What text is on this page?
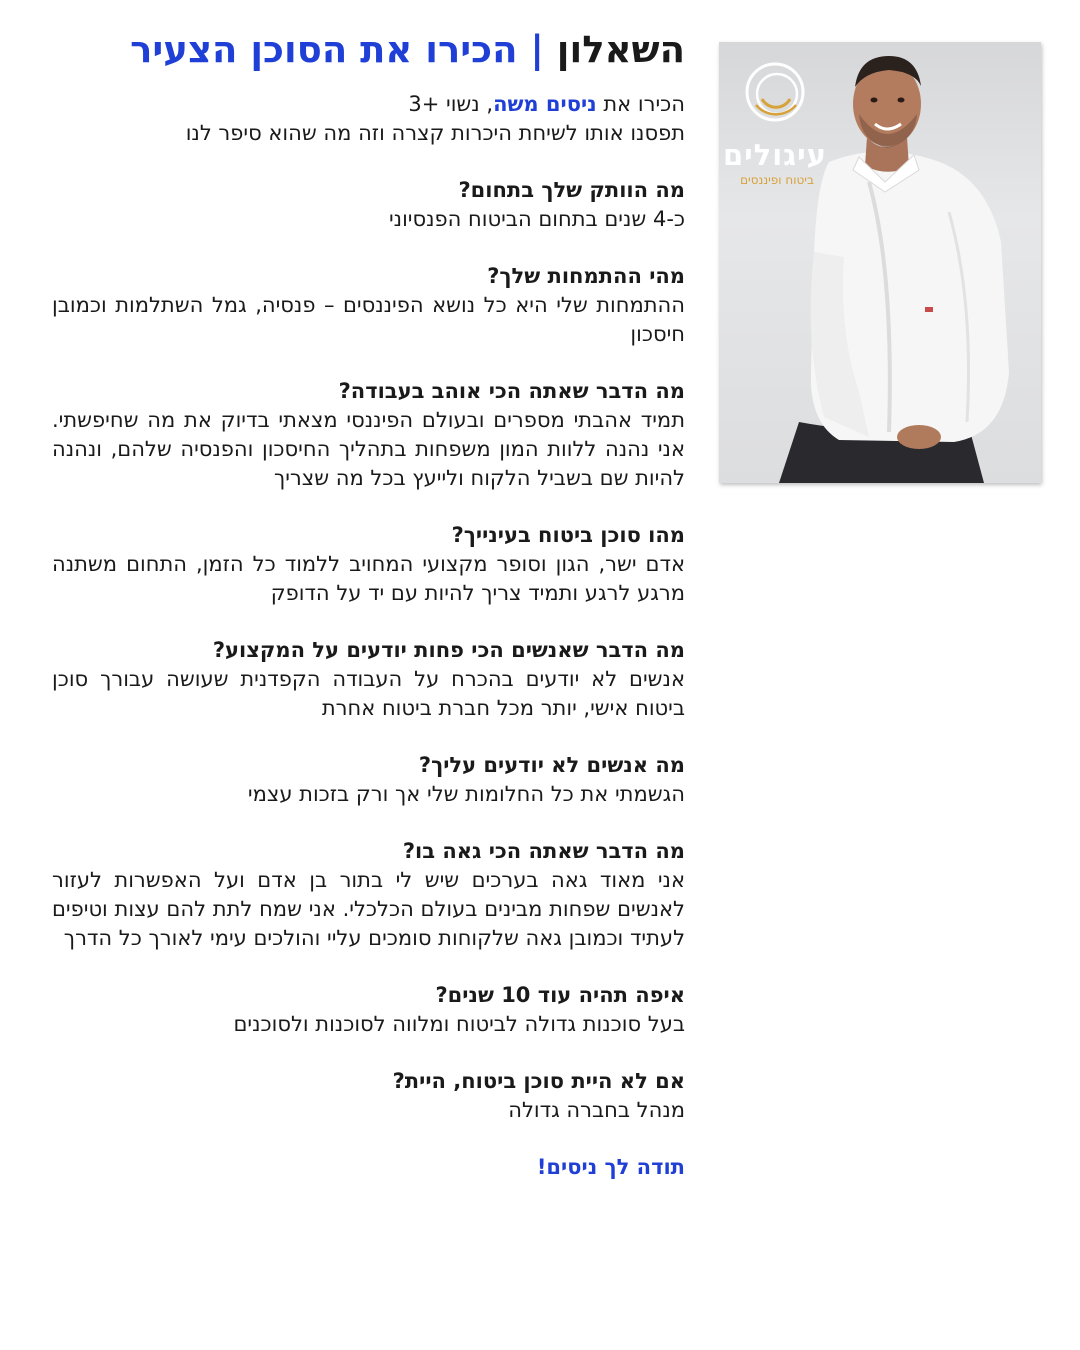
השאלון | הכירו את הסוכן הצעיר

הכירו את ניסים משה, נשוי +3

תפסנו אותו לשיחת היכרות קצרה וזה מה שהוא סיפר לנו

מה הוותק שלך בתחום?

כ-4 שנים בתחום הביטוח הפנסיוני

מהי ההתמחות שלך?

ההתמחות שלי היא כל נושא הפיננסים – פנסיה, גמל השתלמות וכמובן חיסכון

מה הדבר שאתה הכי אוהב בעבודה?

תמיד אהבתי מספרים ובעולם הפיננסי מצאתי בדיוק את מה שחיפשתי. אני נהנה ללוות המון משפחות בתהליך החיסכון והפנסיה שלהם, ונהנה להיות שם בשביל הלקוח ולייעץ בכל מה שצריך

מהו סוכן ביטוח בעינייך?

אדם ישר, הגון וסופר מקצועי המחויב ללמוד כל הזמן, התחום משתנה מרגע לרגע ותמיד צריך להיות עם יד על הדופק

מה הדבר שאנשים הכי פחות יודעים על המקצוע?

אנשים לא יודעים בהכרח על העבודה הקפדנית שעושה עבורך סוכן ביטוח אישי, יותר מכל חברת ביטוח אחרת

מה אנשים לא יודעים עליך?

הגשמתי את כל החלומות שלי אך ורק בזכות עצמי

מה הדבר שאתה הכי גאה בו?

אני מאוד גאה בערכים שיש לי בתור בן אדם ועל האפשרות לעזור לאנשים שפחות מבינים בעולם הכלכלי. אני שמח לתת להם עצות וטיפים לעתיד וכמובן גאה שלקוחות סומכים עליי והולכים עימי לאורך כל הדרך

איפה תהיה עוד 10 שנים?

בעל סוכנות גדולה לביטוח ומלווה לסוכנות ולסוכנים

אם לא היית סוכן ביטוח, היית?

מנהל בחברה גדולה

תודה לך ניסים!

עיגולים
ביטוח ופיננסים
